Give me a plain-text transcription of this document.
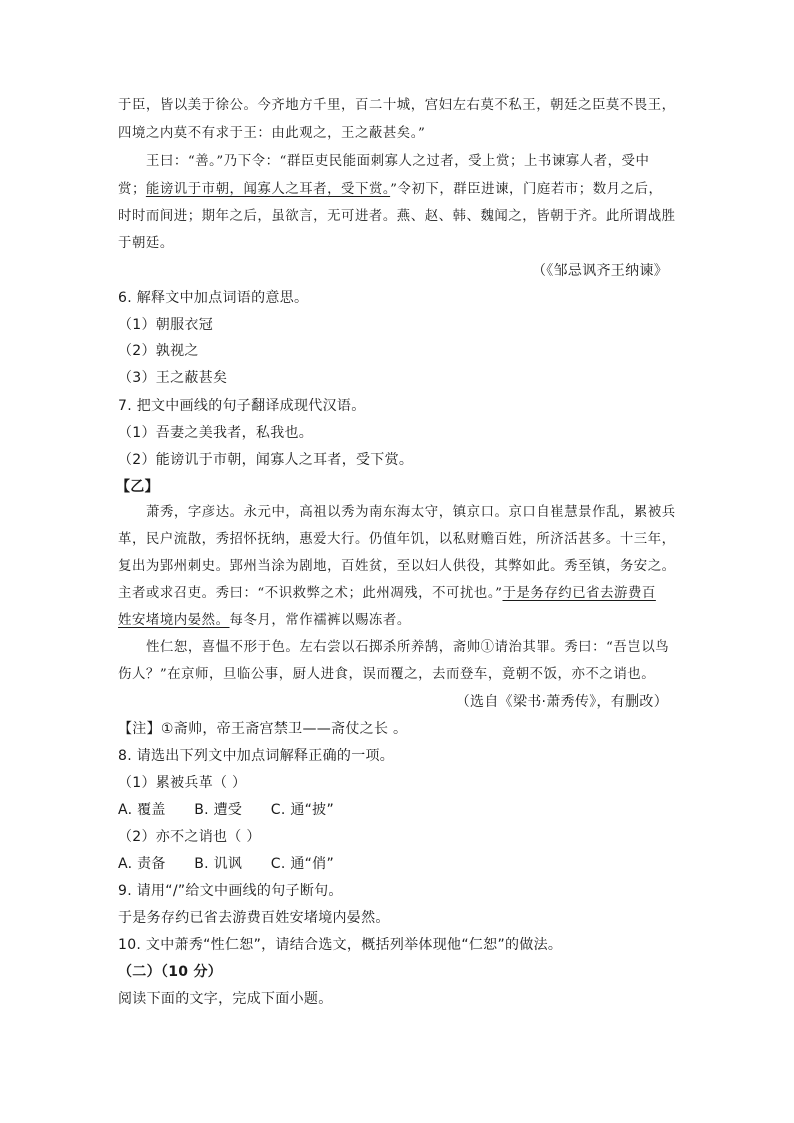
于臣，皆以美于徐公。今齐地方千里，百二十城，宫妇左右莫不私王，朝廷之臣莫不畏王，
四境之内莫不有求于王：由此观之，王之蔽甚矣。”
王曰：“善。”乃下令：“群臣吏民能面刺寡人之过者，受上赏；上书谏寡人者，受中
赏；能谤讥于市朝，闻寡人之耳者，受下赏。”令初下，群臣进谏，门庭若市；数月之后，
时时而间进；期年之后，虽欲言，无可进者。燕、赵、韩、魏闻之，皆朝于齐。此所谓战胜
于朝廷。
（《邹忌讽齐王纳谏》
6. 解释文中加点词语的意思。
（1）朝服衣冠
（2）孰视之
（3）王之蔽甚矣
7. 把文中画线的句子翻译成现代汉语。
（1）吾妻之美我者，私我也。
（2）能谤讥于市朝，闻寡人之耳者，受下赏。
【乙】
萧秀，字彦达。永元中，高祖以秀为南东海太守，镇京口。京口自崔慧景作乱，累被兵
革，民户流散，秀招怀抚纳，惠爱大行。仍值年饥，以私财赡百姓，所济活甚多。十三年，
复出为郢州刺史。郢州当涂为剧地，百姓贫，至以妇人供役，其弊如此。秀至镇，务安之。
主者或求召吏。秀曰：“不识救弊之术；此州凋残，不可扰也。”于是务存约已省去游费百
姓安堵境内晏然。每冬月，常作襦裤以赐冻者。
性仁恕，喜愠不形于色。左右尝以石掷杀所养鹄，斋帅①请治其罪。秀曰：“吾岂以鸟
伤人？”在京师，旦临公事，厨人进食，误而覆之，去而登车，竟朝不饭，亦不之诮也。
（选自《梁书·萧秀传》，有删改）
【注】①斋帅，帝王斋宫禁卫——斋仗之长 。
8. 请选出下列文中加点词解释正确的一项。
（1）累被兵革（ ）
A. 覆盖      B. 遭受      C. 通“披”
（2）亦不之诮也（ ）
A. 责备      B. 讥讽      C. 通“俏”
9. 请用“/”给文中画线的句子断句。
于是务存约已省去游费百姓安堵境内晏然。
10. 文中萧秀“性仁恕”，请结合选文，概括列举体现他“仁恕”的做法。
（二）（10 分）
阅读下面的文字，完成下面小题。
